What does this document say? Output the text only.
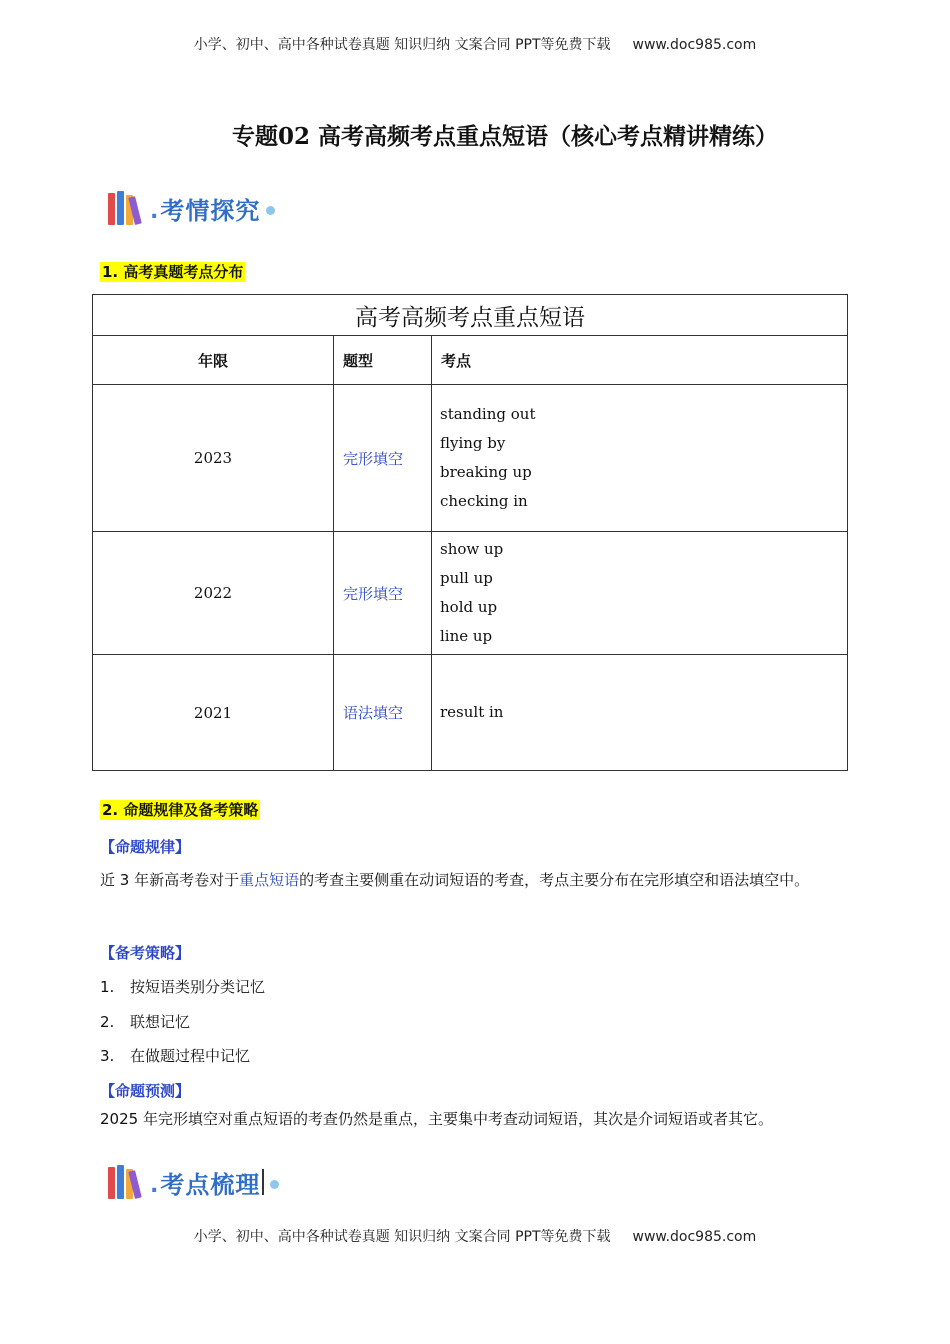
小学、初中、高中各种试卷真题 知识归纳 文案合同 PPT等免费下载 www.doc985.com
专题02 高考高频考点重点短语（核心考点精讲精练）
. 考情探究
1. 高考真题考点分布
高考高频考点重点短语		
年限	题型	考点
2023	完形填空	standing out
flying by
breaking up
checking in

2022	完形填空	show up
pull up
hold up
line up

2021	语法填空	result in
2. 命题规律及备考策略
【命题规律】
近 3 年新高考卷对于重点短语的考查主要侧重在动词短语的考查，考点主要分布在完形填空和语法填空中。
【备考策略】
1. 按短语类别分类记忆
2. 联想记忆
3. 在做题过程中记忆
【命题预测】
2025 年完形填空对重点短语的考查仍然是重点，主要集中考查动词短语，其次是介词短语或者其它。
. 考点梳理
小学、初中、高中各种试卷真题 知识归纳 文案合同 PPT等免费下载 www.doc985.com
